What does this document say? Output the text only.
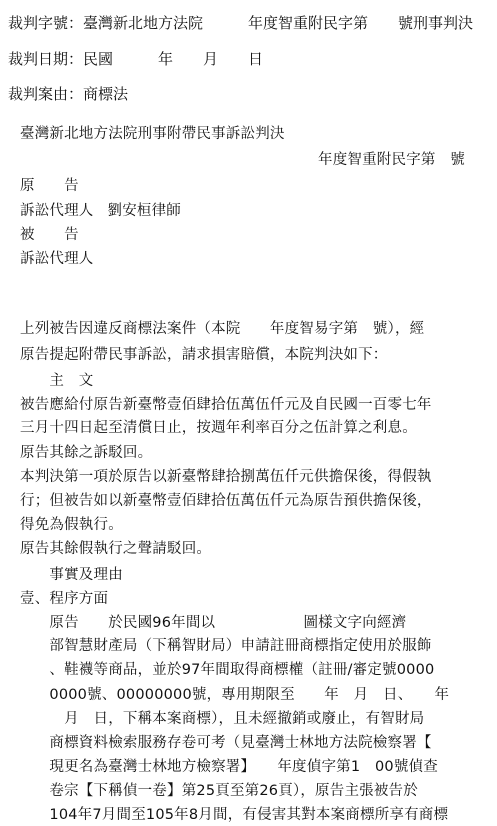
裁判字號：臺灣新北地方法院　　　年度智重附民字第　　號刑事判決
裁判日期：民國　　　年　　月　　日
裁判案由：商標法
臺灣新北地方法院刑事附帶民事訴訟判決
年度智重附民字第　號
原　　告
訴訟代理人 劉安桓律師
被　　告
訴訟代理人
上列被告因違反商標法案件（本院　　年度智易字第　號），經
原告提起附帶民事訴訟，請求損害賠償，本院判決如下：
　　主　文
被告應給付原告新臺幣壹佰肆拾伍萬伍仟元及自民國一百零七年
三月十四日起至清償日止，按週年利率百分之伍計算之利息。
原告其餘之訴駁回。
本判決第一項於原告以新臺幣肆拾捌萬伍仟元供擔保後，得假執
行；但被告如以新臺幣壹佰肆拾伍萬伍仟元為原告預供擔保後，
得免為假執行。
原告其餘假執行之聲請駁回。
　　事實及理由
壹、程序方面
　　原告　　於民國96年間以　　　　　　圖樣文字向經濟
　　部智慧財產局（下稱智財局）申請註冊商標指定使用於服飾
　　、鞋襪等商品，並於97年間取得商標權（註冊/審定號0000
　　0000號、00000000號，專用期限至　　年　月　日、　　年
　　　月　日，下稱本案商標），且未經撤銷或廢止，有智財局
　　商標資料檢索服務存卷可考（見臺灣士林地方法院檢察署【
　　現更名為臺灣士林地方檢察署】　　年度偵字第1　00號偵查
　　卷宗【下稱偵一卷】第25頁至第26頁），原告主張被告於
　　104年7月間至105年8月間，有侵害其對本案商標所享有商標
